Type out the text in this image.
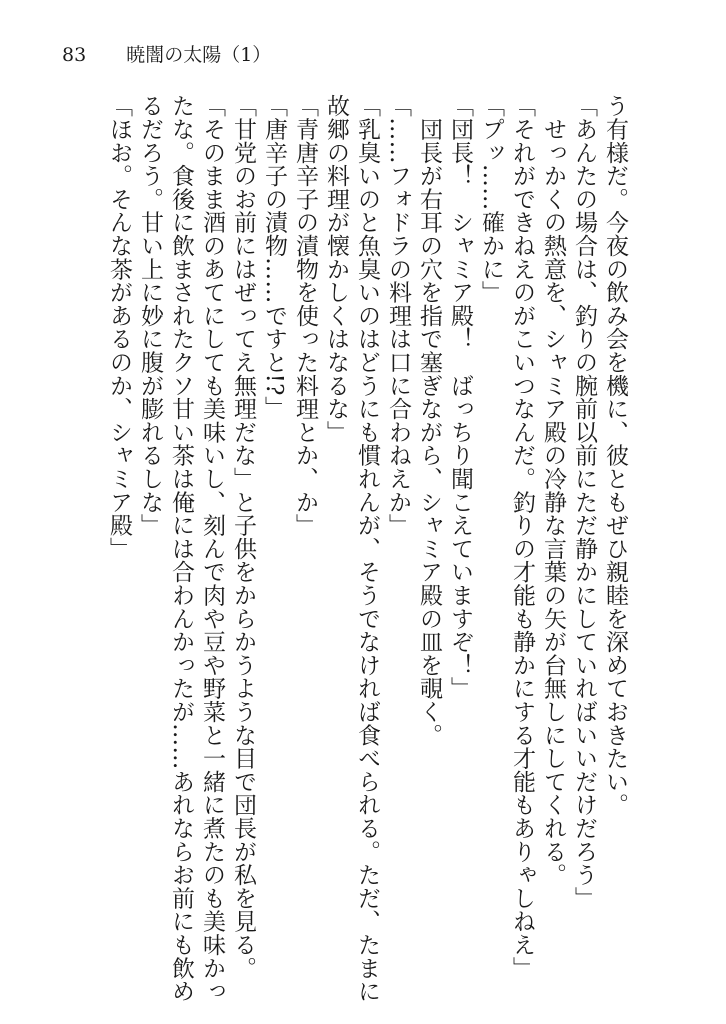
83 暁闇の太陽（1）

う有様だ。今夜の飲み会を機に、彼ともぜひ親睦を深めておきたい。

「あんたの場合は、釣りの腕前以前にただ静かにしていればいいだけだろう」

　せっかくの熱意を、シャミア殿の冷静な言葉の矢が台無しにしてくれる。

「それができねえのがこいつなんだ。釣りの才能も静かにする才能もありゃしねえ」

「プッ……確かに」

「団長！　シャミア殿！　ばっちり聞こえていますぞ！」

　団長が右耳の穴を指で塞ぎながら、シャミア殿の皿を覗く。

「……フォドラの料理は口に合わねえか」

「乳臭いのと魚臭いのはどうにも慣れんが、そうでなければ食べられる。ただ、たまに

故郷の料理が懐かしくはなるな」

「青唐辛子の漬物を使った料理とか、か」

「唐辛子の漬物……ですと!?」

「甘党のお前にはぜってえ無理だな」と子供をからかうような目で団長が私を見る。

「そのまま酒のあてにしても美味いし、刻んで肉や豆や野菜と一緒に煮たのも美味かっ

たな。食後に飲まされたクソ甘い茶は俺には合わんかったが……あれならお前にも飲め

るだろう。甘い上に妙に腹が膨れるしな」

「ほお。そんな茶があるのか、シャミア殿」
